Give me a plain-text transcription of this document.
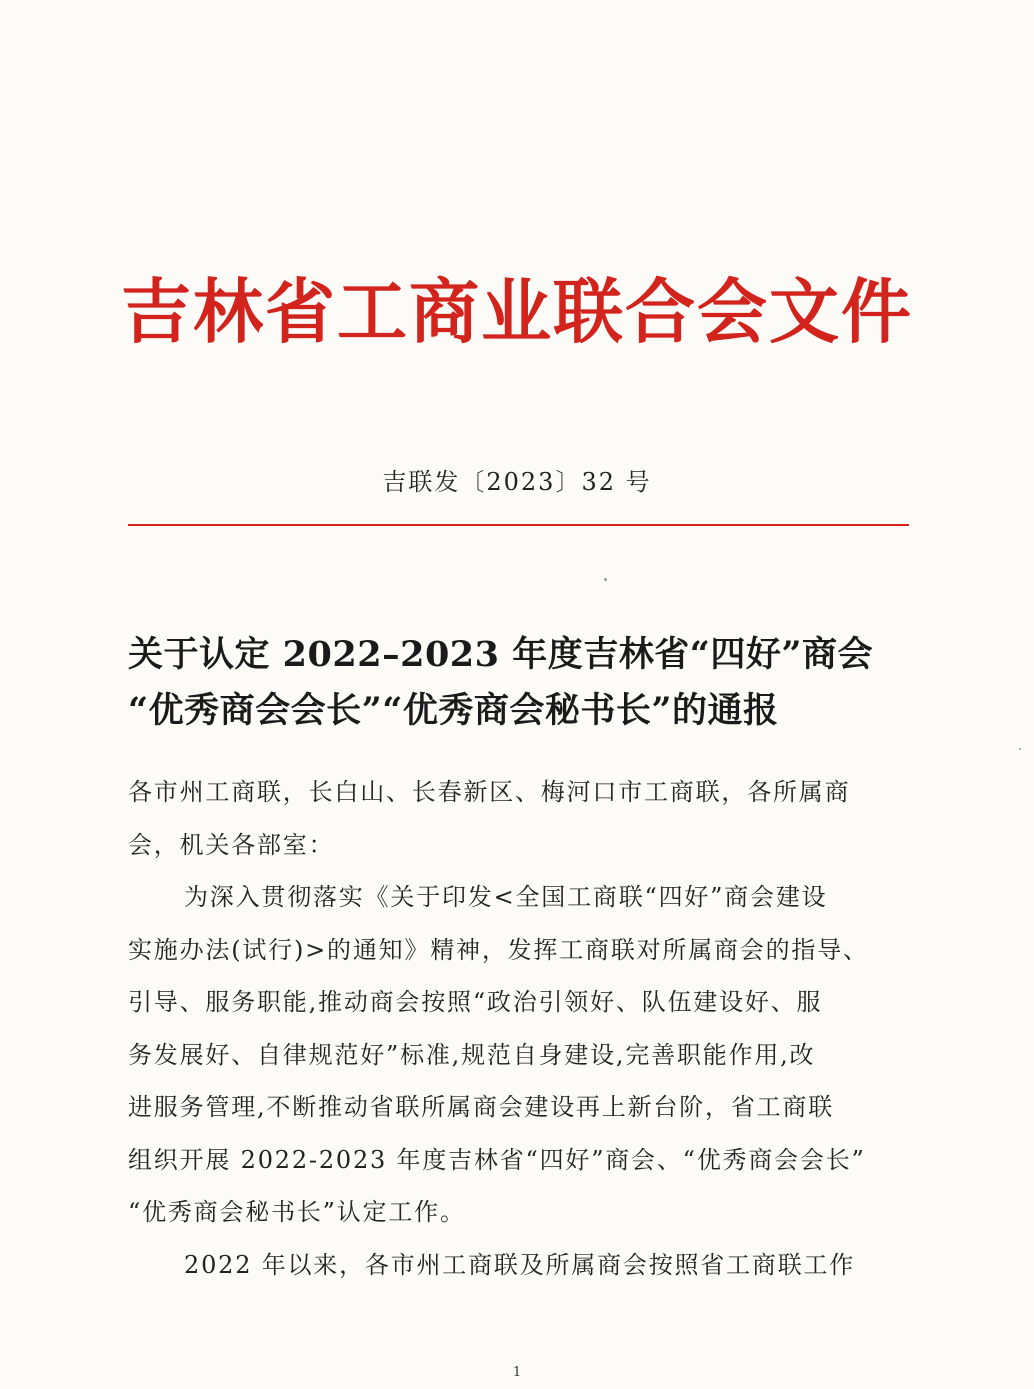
吉林省工商业联合会文件
吉联发〔2023〕32 号
关于认定 2022–2023 年度吉林省“四好”商会
“优秀商会会长”“优秀商会秘书长”的通报
各市州工商联，长白山、长春新区、梅河口市工商联，各所属商
会，机关各部室：
为深入贯彻落实《关于印发<全国工商联“四好”商会建设
实施办法(试行)>的通知》精神，发挥工商联对所属商会的指导、
引导、服务职能,推动商会按照“政治引领好、队伍建设好、服
务发展好、自律规范好”标准,规范自身建设,完善职能作用,改
进服务管理,不断推动省联所属商会建设再上新台阶，省工商联
组织开展 2022-2023 年度吉林省“四好”商会、“优秀商会会长”
“优秀商会秘书长”认定工作。
2022 年以来，各市州工商联及所属商会按照省工商联工作
1
